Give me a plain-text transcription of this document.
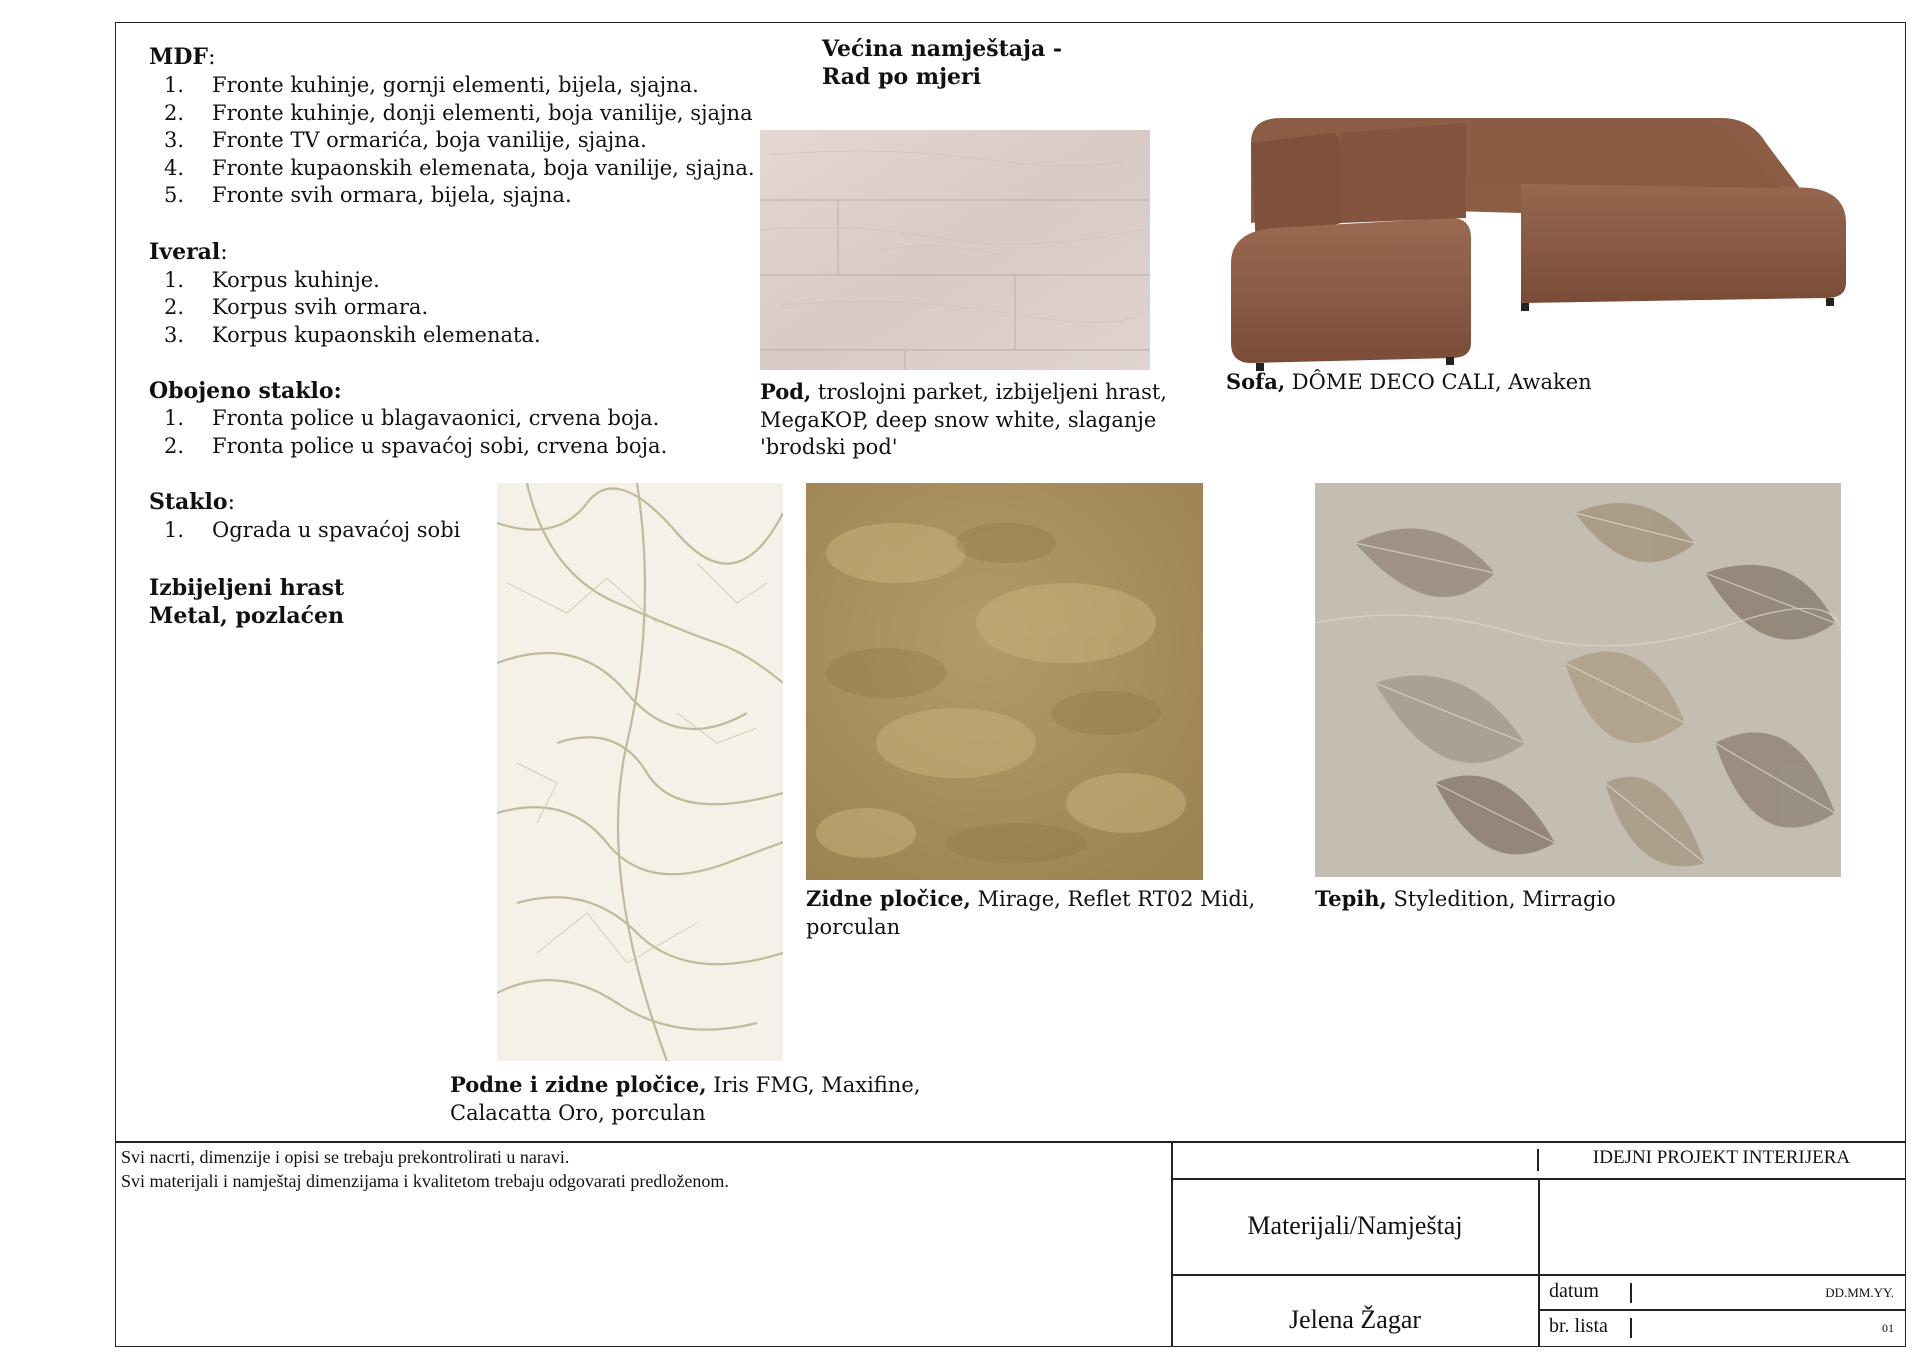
MDF:
1. Fronte kuhinje, gornji elementi, bijela, sjajna.
2. Fronte kuhinje, donji elementi, boja vanilije, sjajna
3. Fronte TV ormarića, boja vanilije, sjajna.
4. Fronte kupaonskih elemenata, boja vanilije, sjajna.
5. Fronte svih ormara, bijela, sjajna.
Iveral:
1. Korpus kuhinje.
2. Korpus svih ormara.
3. Korpus kupaonskih elemenata.
Obojeno staklo:
1. Fronta police u blagavaonici, crvena boja.
2. Fronta police u spavaćoj sobi, crvena boja.
Staklo:
1. Ograda u spavaćoj sobi
Izbijeljeni hrast
Metal, pozlaćen
Većina namještaja -
Rad po mjeri
Pod, troslojni parket, izbijeljeni hrast,
MegaKOP, deep snow white, slaganje
'brodski pod'
Sofa, DÔME DECO CALI, Awaken
Podne i zidne pločice, Iris FMG, Maxifine,
Calacatta Oro, porculan
Zidne pločice, Mirage, Reflet RT02 Midi,
porculan
Tepih, Styledition, Mirragio
Svi nacrti, dimenzije i opisi se trebaju prekontrolirati u naravi.
Svi materijali i namještaj dimenzijama i kvalitetom trebaju odgovarati predloženom.
IDEJNI PROJEKT INTERIJERA
Materijali/Namještaj
Jelena Žagar
datum	DD.MM.YY.
br. lista	01
